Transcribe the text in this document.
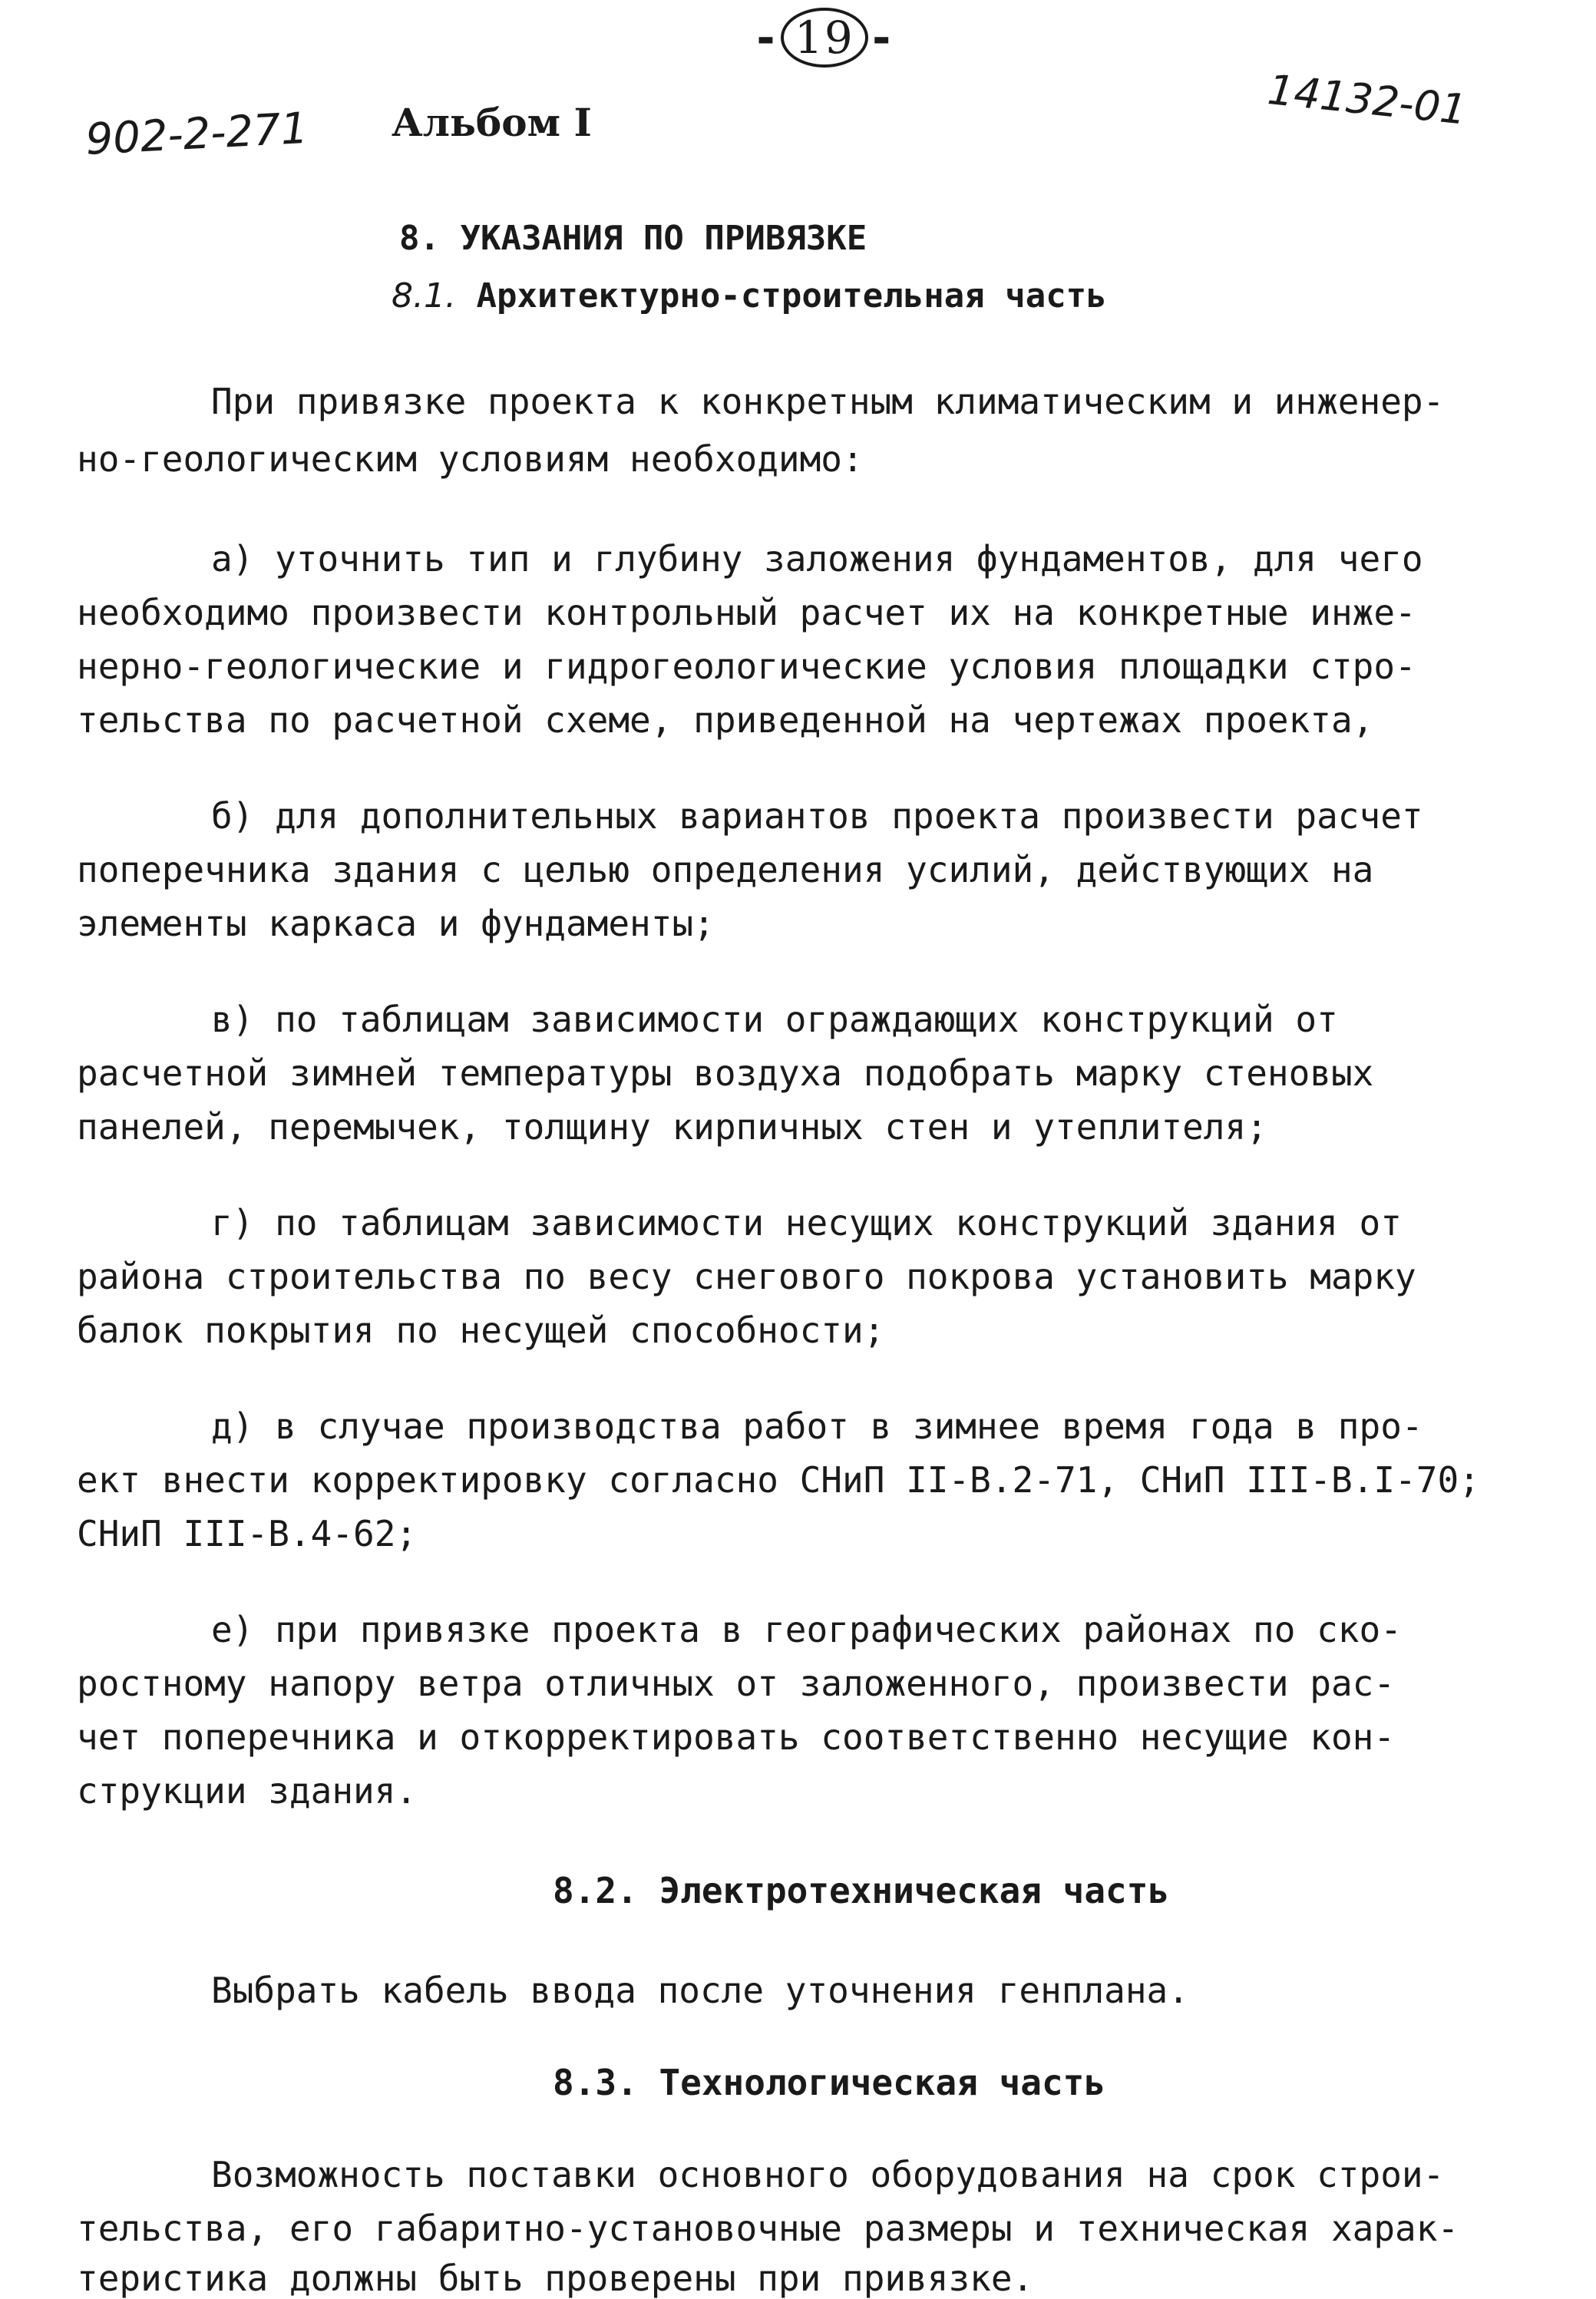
- 19 -
902-2-271 Альбом I	14132-01
8. УКАЗАНИЯ ПО ПРИВЯЗКЕ
8.1. Архитектурно-строительная часть
При привязке проекта к конкретным климатическим и инженер-
но-геологическим условиям необходимо:
а) уточнить тип и глубину заложения фундаментов, для чего
необходимо произвести контрольный расчет их на конкретные инже-
нерно-геологические и гидрогеологические условия площадки стро-
тельства по расчетной схеме, приведенной на чертежах проекта,
б) для дополнительных вариантов проекта произвести расчет
поперечника здания с целью определения усилий, действующих на
элементы каркаса и фундаменты;
в) по таблицам зависимости ограждающих конструкций от
расчетной зимней температуры воздуха подобрать марку стеновых
панелей, перемычек, толщину кирпичных стен и утеплителя;
г) по таблицам зависимости несущих конструкций здания от
района строительства по весу снегового покрова установить марку
балок покрытия по несущей способности;
д) в случае производства работ в зимнее время года в про-
ект внести корректировку согласно СНиП II-В.2-71, СНиП III-В.I-70;
СНиП III-В.4-62;
е) при привязке проекта в географических районах по ско-
ростному напору ветра отличных от заложенного, произвести рас-
чет поперечника и откорректировать соответственно несущие кон-
струкции здания.
8.2. Электротехническая часть
Выбрать кабель ввода после уточнения генплана.
8.3. Технологическая часть
Возможность поставки основного оборудования на срок строи-
тельства, его габаритно-установочные размеры и техническая харак-
теристика должны быть проверены при привязке.
